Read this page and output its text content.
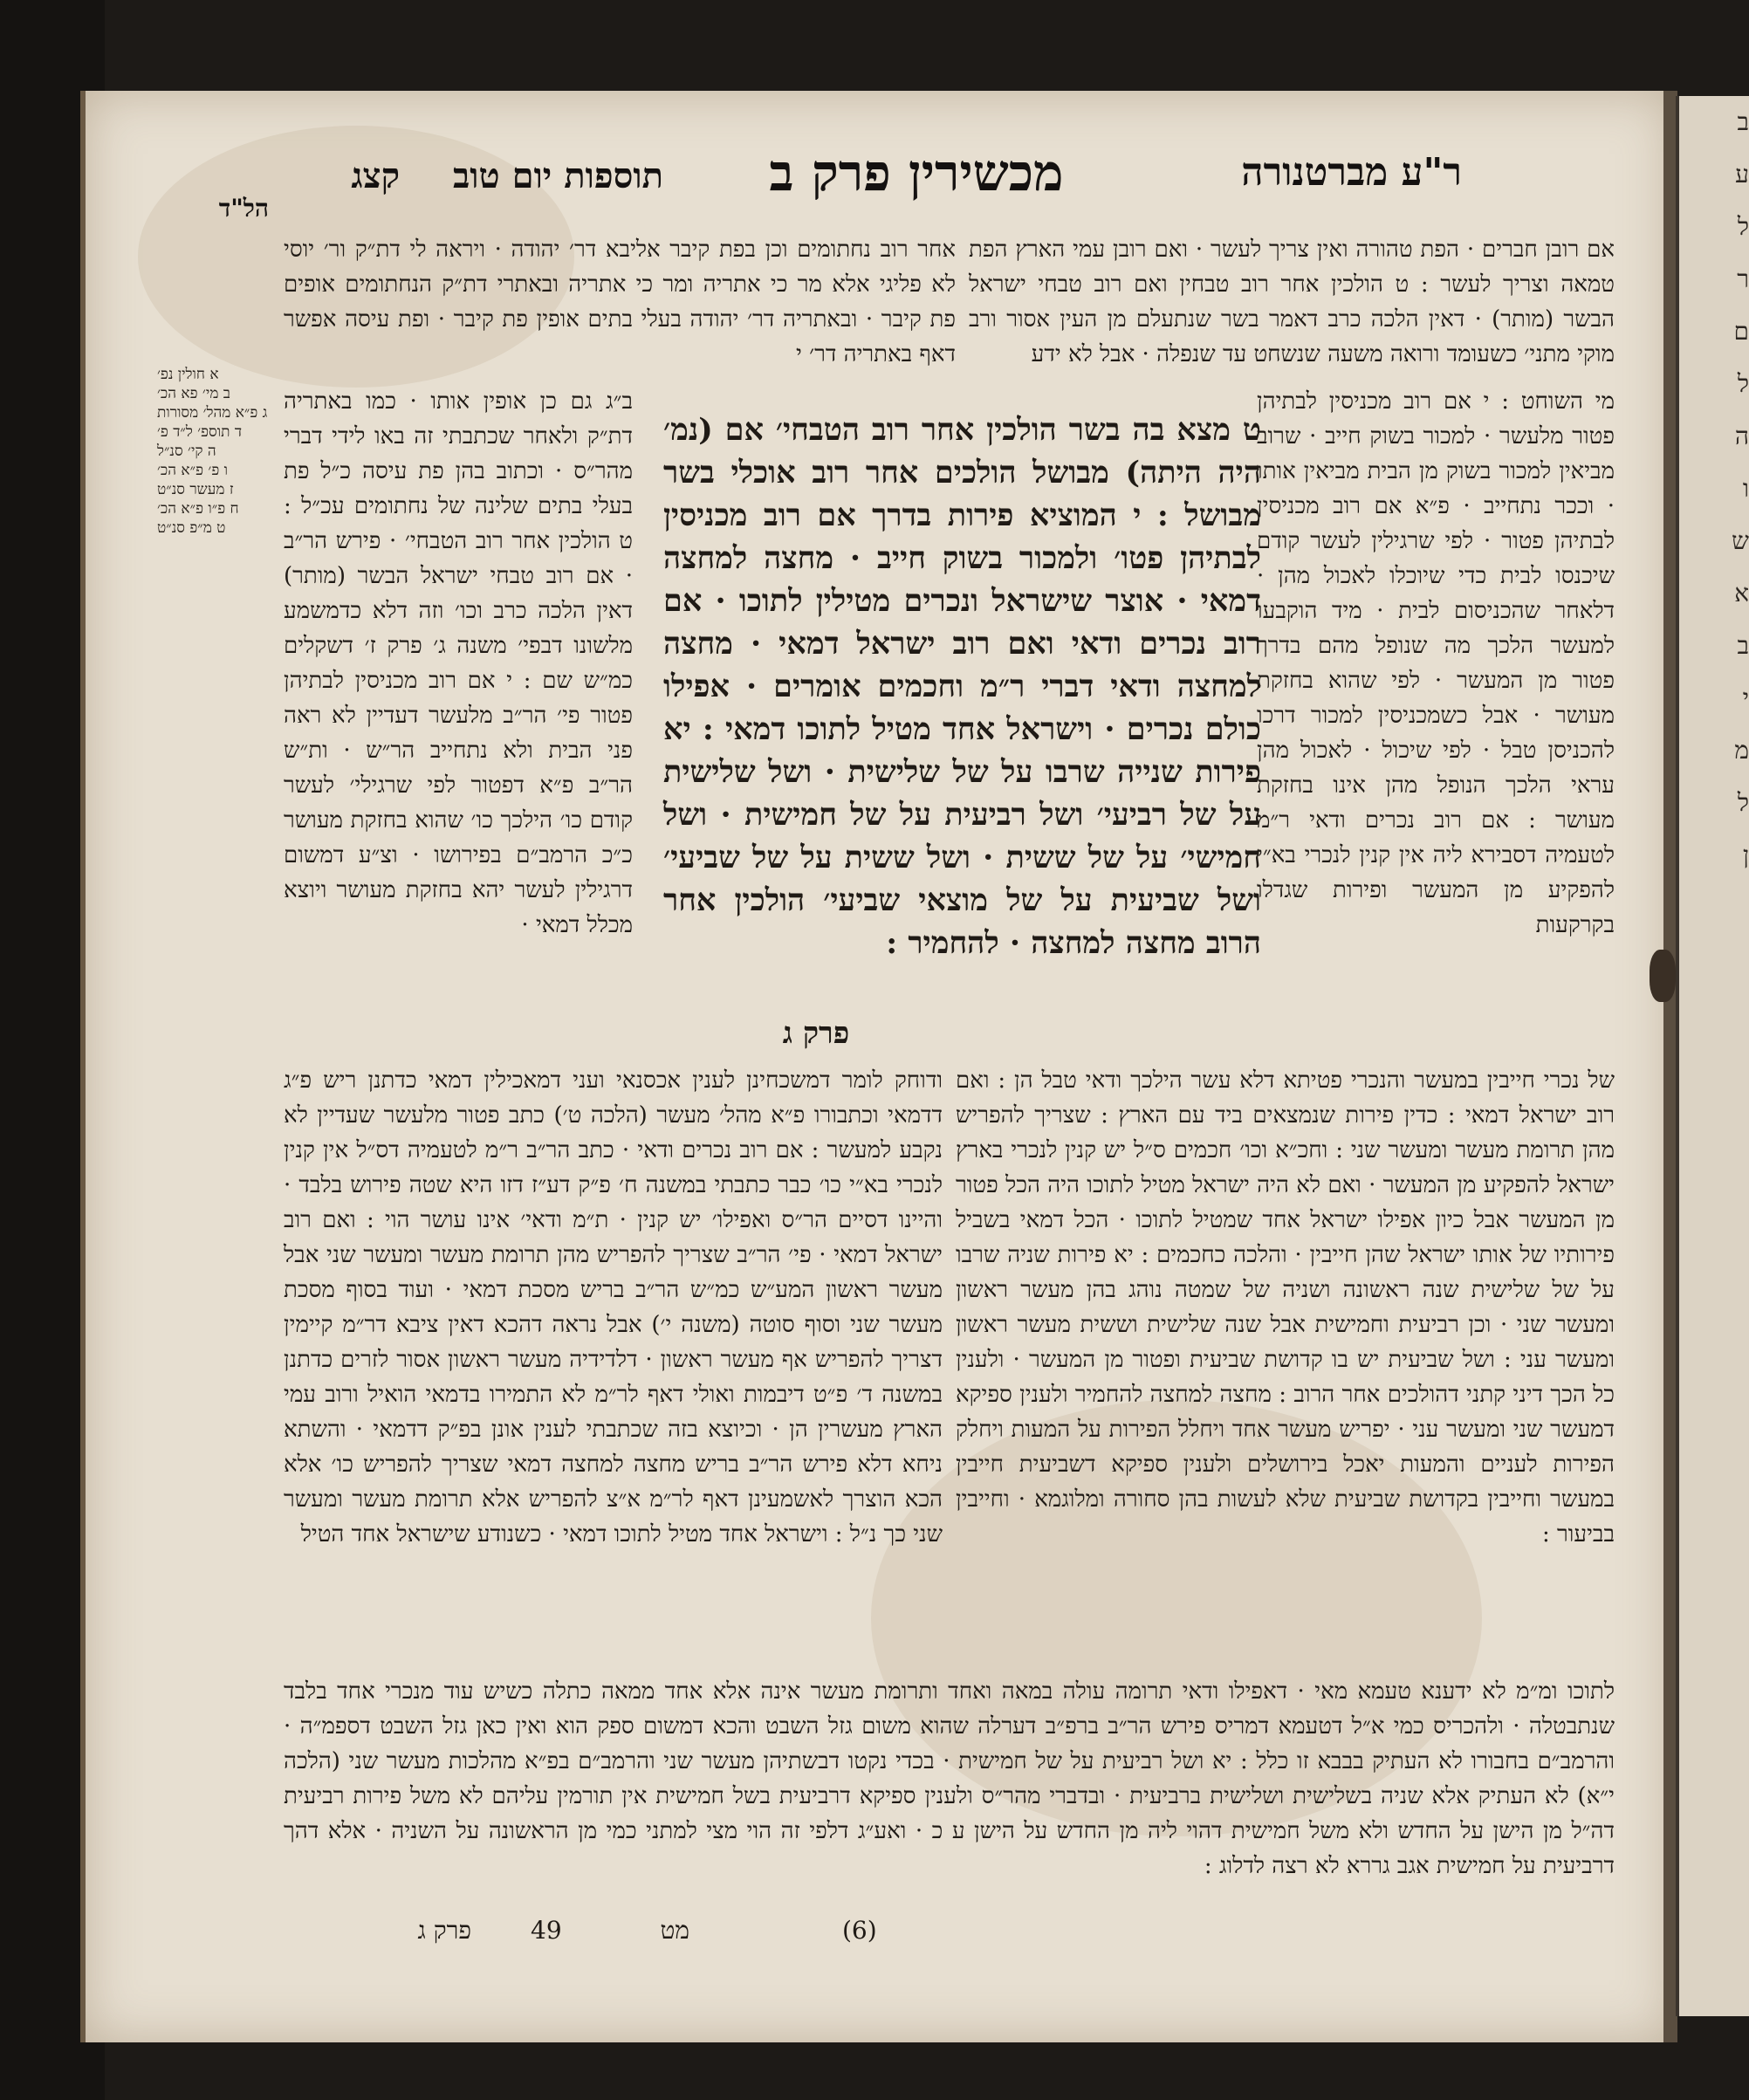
ב
ע
ל
ר
ם
ל
ה
ו
ש
א
ב
י
מ
ל
ן
ר"ע מברטנורה
מכשירין פרק ב
תוספות יום טוב
קצג
הל"ד
אם רובן חברים · הפת טהורה ואין צריך לעשר · ואם רובן עמי הארץ הפת טמאה וצריך לעשר : ט הולכין אחר רוב טבחין ואם רוב טבחי ישראל הבשר (מותר) · דאין הלכה כרב דאמר בשר שנתעלם מן העין אסור ורב מוקי מתני׳ כשעומד ורואה משעה שנשחט עד שנפלה · אבל לא ידע
אחר רוב נחתומים וכן בפת קיבר אליבא דר׳ יהודה · ויראה לי דת״ק ור׳ יוסי לא פליגי אלא מר כי אתריה ומר כי אתריה ובאתרי דת״ק הנחתומים אופים פת קיבר · ובאתריה דר׳ יהודה בעלי בתים אופין פת קיבר · ופת עיסה אפשר דאף באתריה דר׳ י
א חולין נפ׳
ב מי׳ פא הכ׳
ג פ״א מהל׳ מסורות
ד תוספ׳ ל״ד פ׳
ה קי׳ סנ״ל
ו פ׳ פ״א הכ׳
ז מעשר סנ״ט
ח פ״ו פ״א הכ׳
ט מ״פ סנ״ט
ט מצא בה בשר הולכין אחר רוב הטבחי׳ אם (נמ׳ היה היתה) מבושל הולכים אחר רוב אוכלי בשר מבושל : י המוציא פירות בדרך אם רוב מכניסין לבתיהן פטו׳ ולמכור בשוק חייב · מחצה למחצה דמאי · אוצר שישראל ונכרים מטילין לתוכו · אם רוב נכרים ודאי ואם רוב ישראל דמאי · מחצה למחצה ודאי דברי ר״מ וחכמים אומרים · אפילו כולם נכרים · וישראל אחד מטיל לתוכו דמאי : יא פירות שנייה שרבו על של שלישית · ושל שלישית על של רביעי׳ ושל רביעית על של חמישית · ושל חמישי׳ על של ששית · ושל ששית על של שביעי׳ ושל שביעית על של מוצאי שביעי׳ הולכין אחר הרוב מחצה למחצה · להחמיר :
פרק ג
מי השוחט : י אם רוב מכניסין לבתיהן פטור מלעשר · למכור בשוק חייב · שרוב מביאין למכור בשוק מן הבית מביאין אותו · וככר נתחייב · פ״א אם רוב מכניסין לבתיהן פטור · לפי שרגילין לעשר קודם שיכנסו לבית כדי שיוכלו לאכול מהן · דלאחר שהכניסום לבית · מיד הוקבעו למעשר הלכך מה שנופל מהם בדרך פטור מן המעשר · לפי שהוא בחזקת מעושר · אבל כשמכניסין למכור דרכו להכניסן טבל · לפי שיכול · לאכול מהן עראי הלכך הנופל מהן אינו בחזקת מעושר : אם רוב נכרים ודאי ר״מ לטעמיה דסבירא ליה אין קנין לנכרי בא״י להפקיע מן המעשר ופירות שגדלו בקרקעות
ב״ג גם כן אופין אותו · כמו באתריה דת״ק ולאחר שכתבתי זה באו לידי דברי מהר״ס · וכתוב בהן פת עיסה כ״ל פת בעלי בתים שלינה של נחתומים עכ״ל : ט הולכין אחר רוב הטבחי׳ · פירש הר״ב · אם רוב טבחי ישראל הבשר (מותר) דאין הלכה כרב וכו׳ וזה דלא כדמשמע מלשונו דבפי׳ משנה ג׳ פרק ז׳ דשקלים כמ״ש שם : י אם רוב מכניסין לבתיהן פטור פי׳ הר״ב מלעשר דעדיין לא ראה פני הבית ולא נתחייב הר״ש · ות״ש הר״ב פ״א דפטור לפי שרגילי׳ לעשר קודם כו׳ הילכך כו׳ שהוא בחזקת מעושר כ״כ הרמב״ם בפירושו · וצ״ע דמשום דרגילין לעשר יהא בחזקת מעושר ויוצא מכלל דמאי ·
של נכרי חייבין במעשר והנכרי פטיתא דלא עשר הילכך ודאי טבל הן : ואם רוב ישראל דמאי : כדין פירות שנמצאים ביד עם הארץ : שצריך להפריש מהן תרומת מעשר ומעשר שני : וחכ״א וכו׳ חכמים ס״ל יש קנין לנכרי בארץ ישראל להפקיע מן המעשר · ואם לא היה ישראל מטיל לתוכו היה הכל פטור מן המעשר אבל כיון אפילו ישראל אחד שמטיל לתוכו · הכל דמאי בשביל פירותיו של אותו ישראל שהן חייבין · והלכה כחכמים : יא פירות שניה שרבו על של שלישית שנה ראשונה ושניה של שמטה נוהג בהן מעשר ראשון ומעשר שני · וכן רביעית וחמישית אבל שנה שלישית וששית מעשר ראשון ומעשר עני : ושל שביעית יש בו קדושת שביעית ופטור מן המעשר · ולענין כל הכך דיני קתני דהולכים אחר הרוב : מחצה למחצה להחמיר ולענין ספיקא דמעשר שני ומעשר עני · יפריש מעשר אחד ויחלל הפירות על המעות ויחלק הפירות לעניים והמעות יאכל בירושלים ולענין ספיקא דשביעית חייבין במעשר וחייבין בקדושת שביעית שלא לעשות בהן סחורה ומלוגמא · וחייבין בביעור :
ודוחק לומר דמשכחינן לענין אכסנאי ועני דמאכילין דמאי כדתנן ריש פ״ג דדמאי וכתבורו פ״א מהל׳ מעשר (הלכה ט׳) כתב פטור מלעשר שעדיין לא נקבע למעשר : אם רוב נכרים ודאי · כתב הר״ב ר״מ לטעמיה דס״ל אין קנין לנכרי בא״י כו׳ כבר כתבתי במשנה ח׳ פ״ק דע״ז דזו היא שטה פירוש בלבד · והיינו דסיים הר״ס ואפילו׳ יש קנין · ת״מ ודאי׳ אינו עושר הוי : ואם רוב ישראל דמאי · פי׳ הר״ב שצריך להפריש מהן תרומת מעשר ומעשר שני אבל מעשר ראשון המע״ש כמ״ש הר״ב בריש מסכת דמאי · ועוד בסוף מסכת מעשר שני וסוף סוטה (משנה י׳) אבל נראה דהכא דאין ציבא דר״מ קיימין דצריך להפריש אף מעשר ראשון · דלדידיה מעשר ראשון אסור לזרים כדתנן במשנה ד׳ פ״ט דיבמות ואולי דאף לר״מ לא התמירו בדמאי הואיל ורוב עמי הארץ מעשרין הן · וכיוצא בזה שכתבתי לענין אונן בפ״ק דדמאי · והשתא ניחא דלא פירש הר״ב בריש מחצה למחצה דמאי שצריך להפריש כו׳ אלא הכא הוצרך לאשמעינן דאף לר״מ א״צ להפריש אלא תרומת מעשר ומעשר שני כך נ״ל : וישראל אחד מטיל לתוכו דמאי · כשנודע שישראל אחד הטיל
לתוכו ומ״מ לא ידענא טעמא מאי · דאפילו ודאי תרומה עולה במאה ואחד ותרומת מעשר אינה אלא אחד ממאה כתלה כשיש עוד מנכרי אחד בלבד שנתבטלה · ולהכריס כמי א״ל דטעמא דמריס פירש הר״ב ברפ״ב דערלה שהוא משום גזל השבט והכא דמשום ספק הוא ואין כאן גזל השבט דספמ״ה · והרמב״ם בחבורו לא העתיק בבבא זו כלל : יא ושל רביעית על של חמישית · בכדי נקטו דבשתיהן מעשר שני והרמב״ם בפ״א מהלכות מעשר שני (הלכה י״א) לא העתיק אלא שניה בשלישית ושלישית ברביעית · ובדברי מהר״ס ולענין ספיקא דרביעית בשל חמישית אין תורמין עליהם לא משל פירות רביעית דה״ל מן הישן על החדש ולא משל חמישית דהוי ליה מן החדש על הישן ע כ · ואע״ג דלפי זה הוי מצי למתני כמי מן הראשונה על השניה · אלא דהך דרביעית על חמישית אגב גררא לא רצה לדלוג :
פרק ג 49	מט	(6)
